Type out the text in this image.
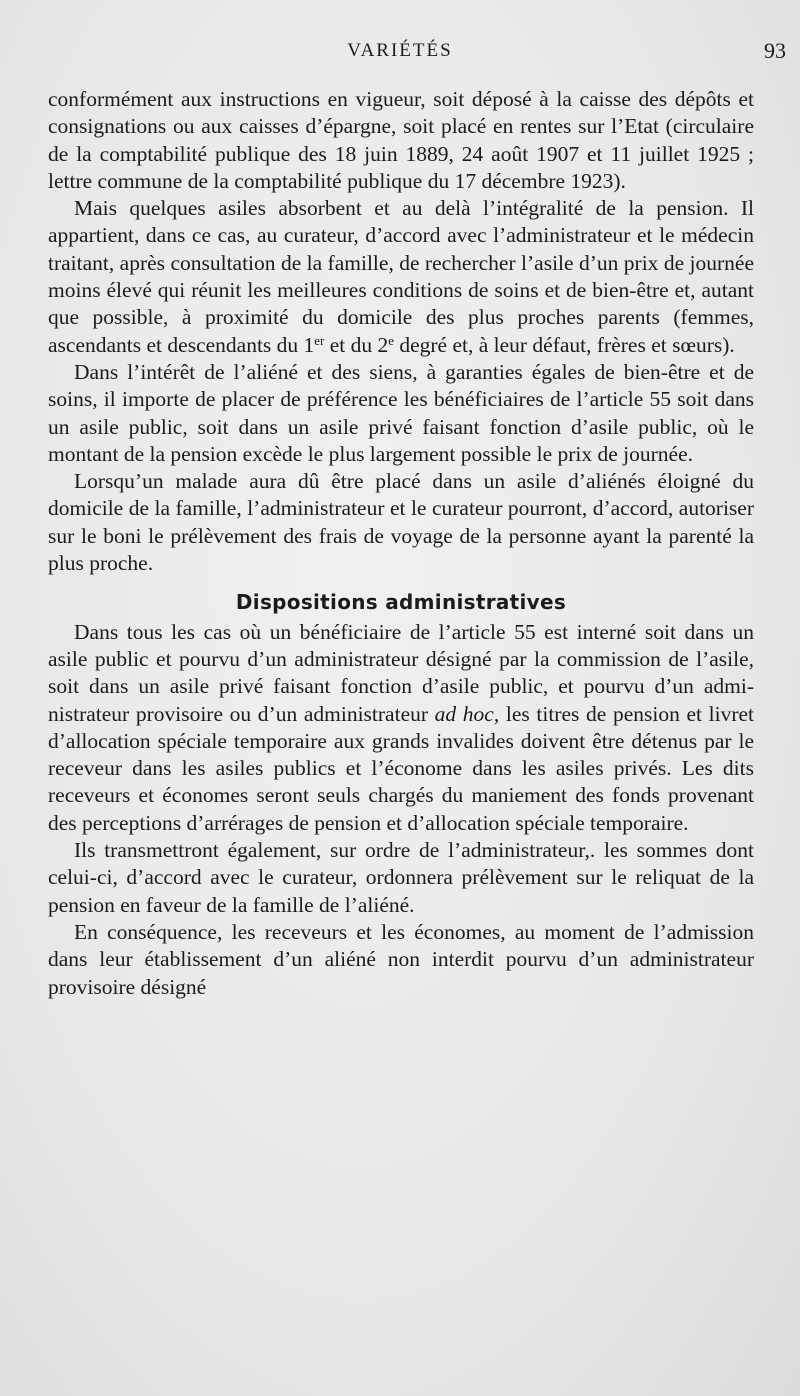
VARIÉTÉS	93

conformément aux instructions en vigueur, soit déposé à la caisse des dépôts et consignations ou aux caisses d’épargne, soit placé en rentes sur l’Etat (circulaire de la comptabilité publique des 18 juin 1889, 24 août 1907 et 11 juillet 1925 ; lettre commune de la comptabilité publique du 17 décembre 1923).

Mais quelques asiles absorbent et au delà l’intégralité de la pension. Il appartient, dans ce cas, au curateur, d’accord avec l’administrateur et le médecin traitant, après consultation de la famille, de rechercher l’asile d’un prix de journée moins élevé qui réunit les meilleures conditions de soins et de bien-être et, autant que possible, à proximité du domicile des plus proches parents (femmes, ascendants et descendants du 1er et du 2e degré et, à leur défaut, frères et sœurs).

Dans l’intérêt de l’aliéné et des siens, à garanties égales de bien-être et de soins, il importe de placer de préférence les bénéficiaires de l’article 55 soit dans un asile public, soit dans un asile privé faisant fonction d’asile public, où le montant de la pension excède le plus largement possible le prix de journée.

Lorsqu’un malade aura dû être placé dans un asile d’aliénés éloigné du domicile de la famille, l’administrateur et le curateur pourront, d’accord, autoriser sur le boni le prélèvement des frais de voyage de la personne ayant la parenté la plus proche.

Dispositions administratives

Dans tous les cas où un bénéficiaire de l’article 55 est interné soit dans un asile public et pourvu d’un administrateur désigné par la commission de l’asile, soit dans un asile privé faisant fonction d’asile public, et pourvu d’un administrateur provisoire ou d’un administrateur ad hoc, les titres de pension et livret d’allocation spéciale temporaire aux grands invalides doivent être détenus par le receveur dans les asiles publics et l’économe dans les asiles privés. Les dits receveurs et économes seront seuls chargés du maniement des fonds provenant des perceptions d’arrérages de pension et d’allocation spéciale temporaire.

Ils transmettront également, sur ordre de l’administrateur,. les sommes dont celui-ci, d’accord avec le curateur, ordonnera prélèvement sur le reliquat de la pension en faveur de la famille de l’aliéné.

En conséquence, les receveurs et les économes, au moment de l’admission dans leur établissement d’un aliéné non interdit pourvu d’un administrateur provisoire désigné
